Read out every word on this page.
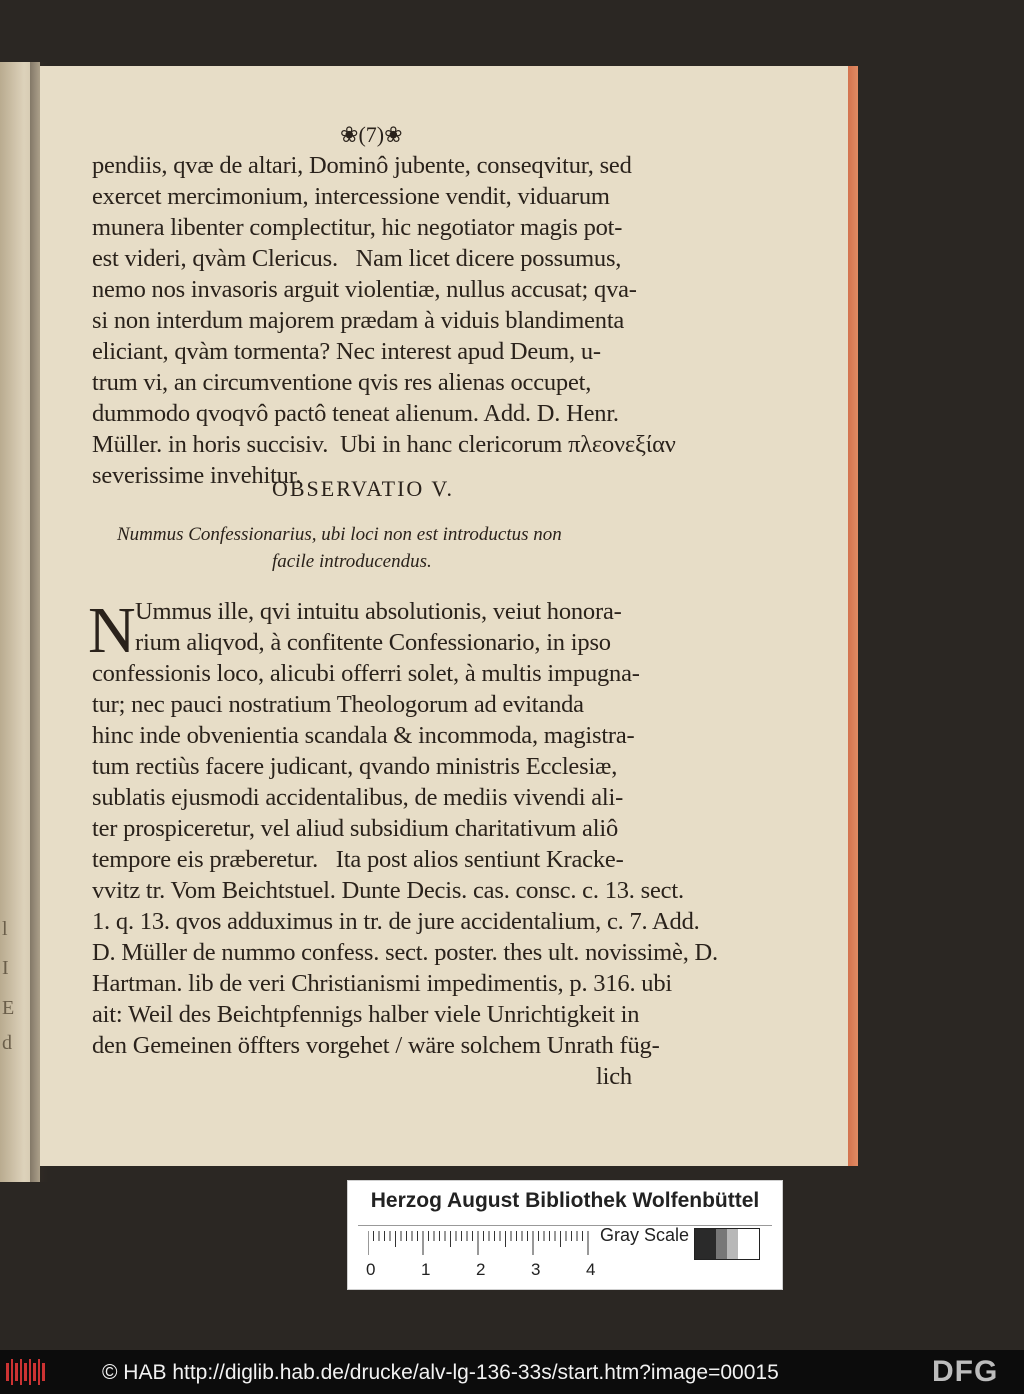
l
I
E
d
❀(7)❀
pendiis, qvæ de altari, Dominô jubente, conseqvitur, sed
exercet mercimonium, intercessione vendit, viduarum
munera libenter complectitur, hic negotiator magis pot-
est videri, qvàm Clericus.   Nam licet dicere possumus,
nemo nos invasoris arguit violentiæ, nullus accusat; qva-
si non interdum majorem prædam à viduis blandimenta
eliciant, qvàm tormenta? Nec interest apud Deum, u-
trum vi, an circumventione qvis res alienas occupet,
dummodo qvoqvô pactô teneat alienum. Add. D. Henr.
Müller. in horis succisiv.  Ubi in hanc clericorum πλεονεξίαν
severissime invehitur.
OBSERVATIO V.
Nummus Confessionarius, ubi loci non est introductus non
facile introducendus.
N Ummus ille, qvi intuitu absolutionis, veiut honora-
rium aliqvod, à confitente Confessionario, in ipso
confessionis loco, alicubi offerri solet, à multis impugna-
tur; nec pauci nostratium Theologorum ad evitanda
hinc inde obvenientia scandala & incommoda, magistra-
tum rectiùs facere judicant, qvando ministris Ecclesiæ,
sublatis ejusmodi accidentalibus, de mediis vivendi ali-
ter prospiceretur, vel aliud subsidium charitativum aliô
tempore eis præberetur.   Ita post alios sentiunt Kracke-
vvitz tr. Vom Beichtstuel. Dunte Decis. cas. consc. c. 13. sect.
1. q. 13. qvos adduximus in tr. de jure accidentalium, c. 7. Add.
D. Müller de nummo confess. sect. poster. thes ult. novissimè, D.
Hartman. lib de veri Christianismi impedimentis, p. 316. ubi
ait: Weil des Beichtpfennigs halber viele Unrichtigkeit in
den Gemeinen öffters vorgehet / wäre solchem Unrath füg-
lich
Herzog August Bibliothek Wolfenbüttel
Gray Scale
0	1	2	3	4
© HAB http://diglib.hab.de/drucke/alv-lg-136-33s/start.htm?image=00015	DFG
